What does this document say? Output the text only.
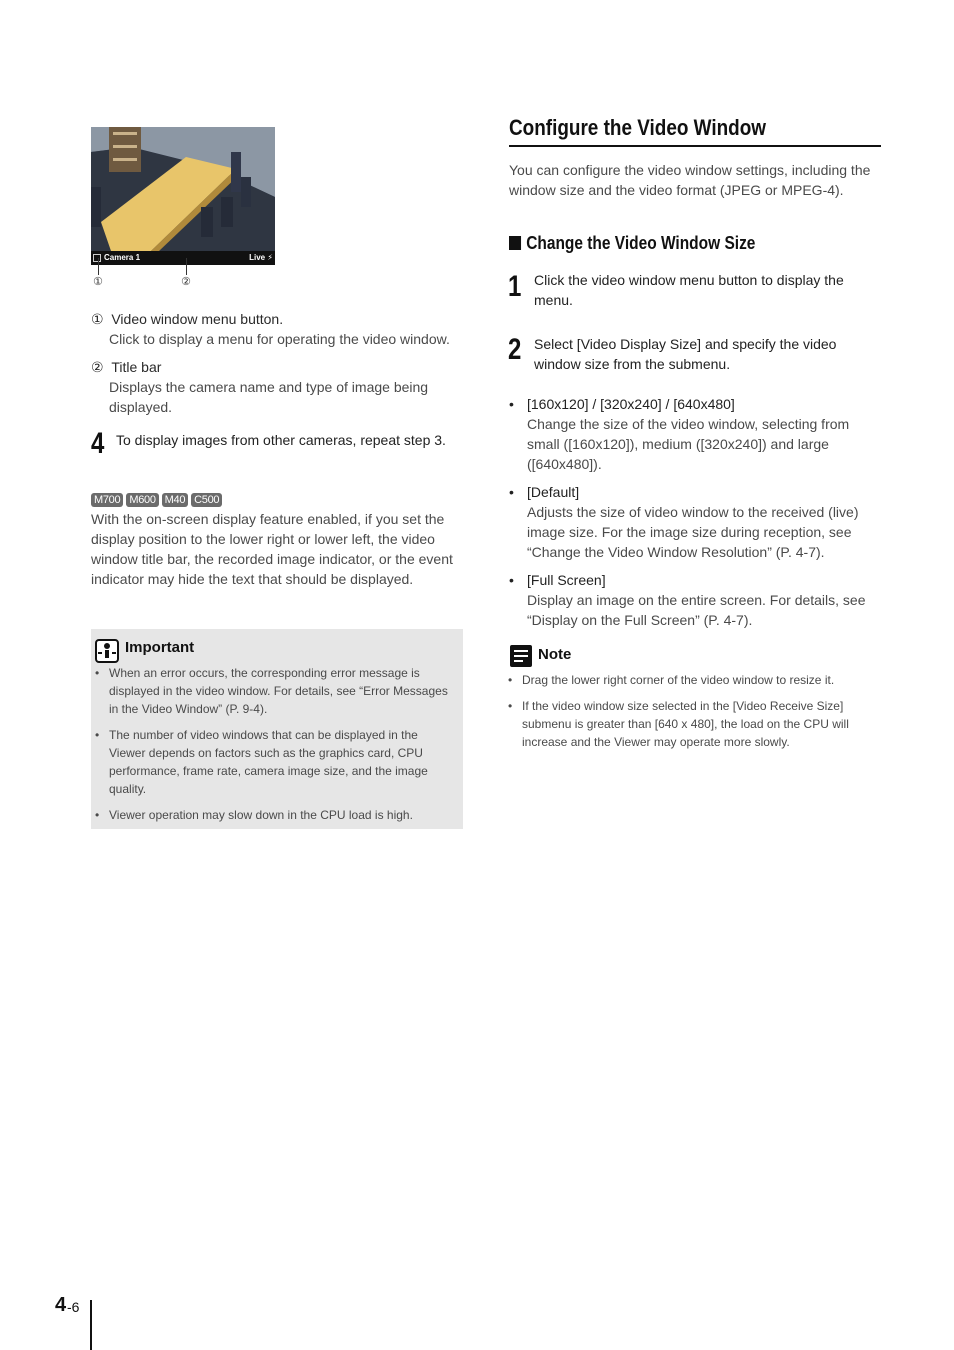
Camera 1	Live ⚡
①	②
① Video window menu button.
Click to display a menu for operating the video window.
② Title bar
Displays the camera name and type of image being displayed.
4 To display images from other cameras, repeat step 3.
M700 M600 M40 C500
With the on-screen display feature enabled, if you set the display position to the lower right or lower left, the video window title bar, the recorded image indicator, or the event indicator may hide the text that should be displayed.
Important
• When an error occurs, the corresponding error message is displayed in the video window. For details, see “Error Messages in the Video Window” (P. 9-4).
• The number of video windows that can be displayed in the Viewer depends on factors such as the graphics card, CPU performance, frame rate, camera image size, and the image quality.
• Viewer operation may slow down in the CPU load is high.
Configure the Video Window
You can configure the video window settings, including the window size and the video format (JPEG or MPEG-4).
Change the Video Window Size
1 Click the video window menu button to display the menu.
2 Select [Video Display Size] and specify the video window size from the submenu.
• [160x120] / [320x240] / [640x480]
Change the size of the video window, selecting from small ([160x120]), medium ([320x240]) and large ([640x480]).
• [Default]
Adjusts the size of video window to the received (live) image size. For the image size during reception, see “Change the Video Window Resolution” (P. 4-7).
• [Full Screen]
Display an image on the entire screen. For details, see “Display on the Full Screen” (P. 4-7).
Note
• Drag the lower right corner of the video window to resize it.
• If the video window size selected in the [Video Receive Size] submenu is greater than [640 x 480], the load on the CPU will increase and the Viewer may operate more slowly.
4 -6
